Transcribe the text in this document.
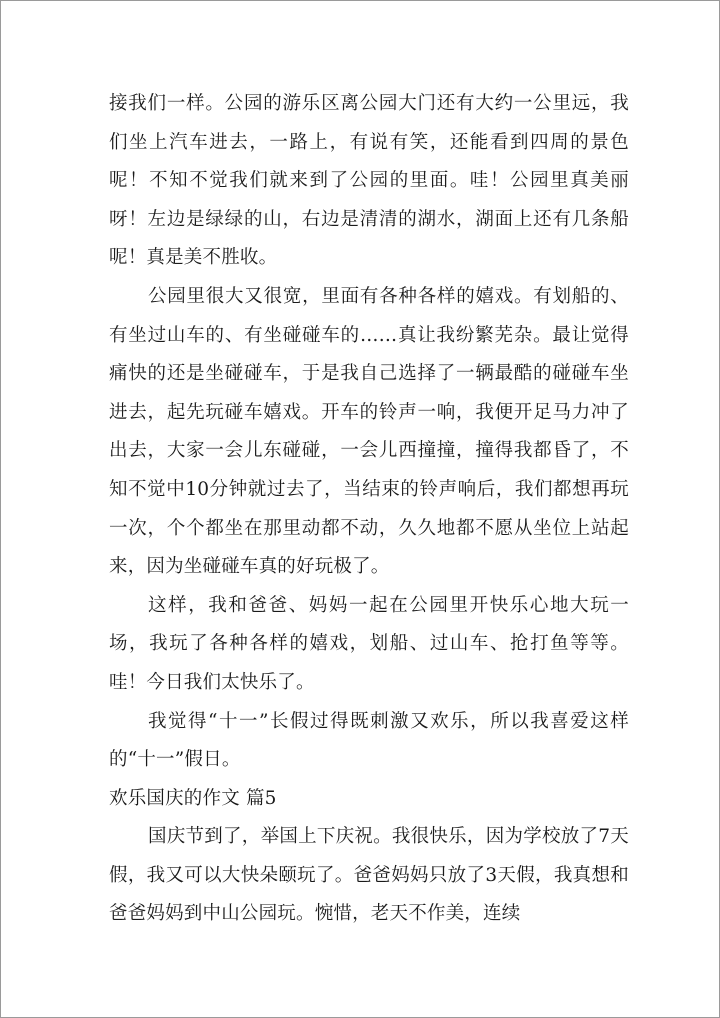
接我们一样。公园的游乐区离公园大门还有大约一公里远，我们坐上汽车进去，一路上，有说有笑，还能看到四周的景色呢！不知不觉我们就来到了公园的里面。哇！公园里真美丽呀！左边是绿绿的山，右边是清清的湖水，湖面上还有几条船呢！真是美不胜收。

公园里很大又很宽，里面有各种各样的嬉戏。有划船的、有坐过山车的、有坐碰碰车的……真让我纷繁芜杂。最让觉得痛快的还是坐碰碰车，于是我自己选择了一辆最酷的碰碰车坐进去，起先玩碰车嬉戏。开车的铃声一响，我便开足马力冲了出去，大家一会儿东碰碰，一会儿西撞撞，撞得我都昏了，不知不觉中10分钟就过去了，当结束的铃声响后，我们都想再玩一次，个个都坐在那里动都不动，久久地都不愿从坐位上站起来，因为坐碰碰车真的好玩极了。

这样，我和爸爸、妈妈一起在公园里开快乐心地大玩一场，我玩了各种各样的嬉戏，划船、过山车、抢打鱼等等。哇！今日我们太快乐了。

我觉得“十一”长假过得既刺激又欢乐，所以我喜爱这样的“十一”假日。

欢乐国庆的作文 篇5

国庆节到了，举国上下庆祝。我很快乐，因为学校放了7天假，我又可以大快朵颐玩了。爸爸妈妈只放了3天假，我真想和爸爸妈妈到中山公园玩。惋惜，老天不作美，连续
